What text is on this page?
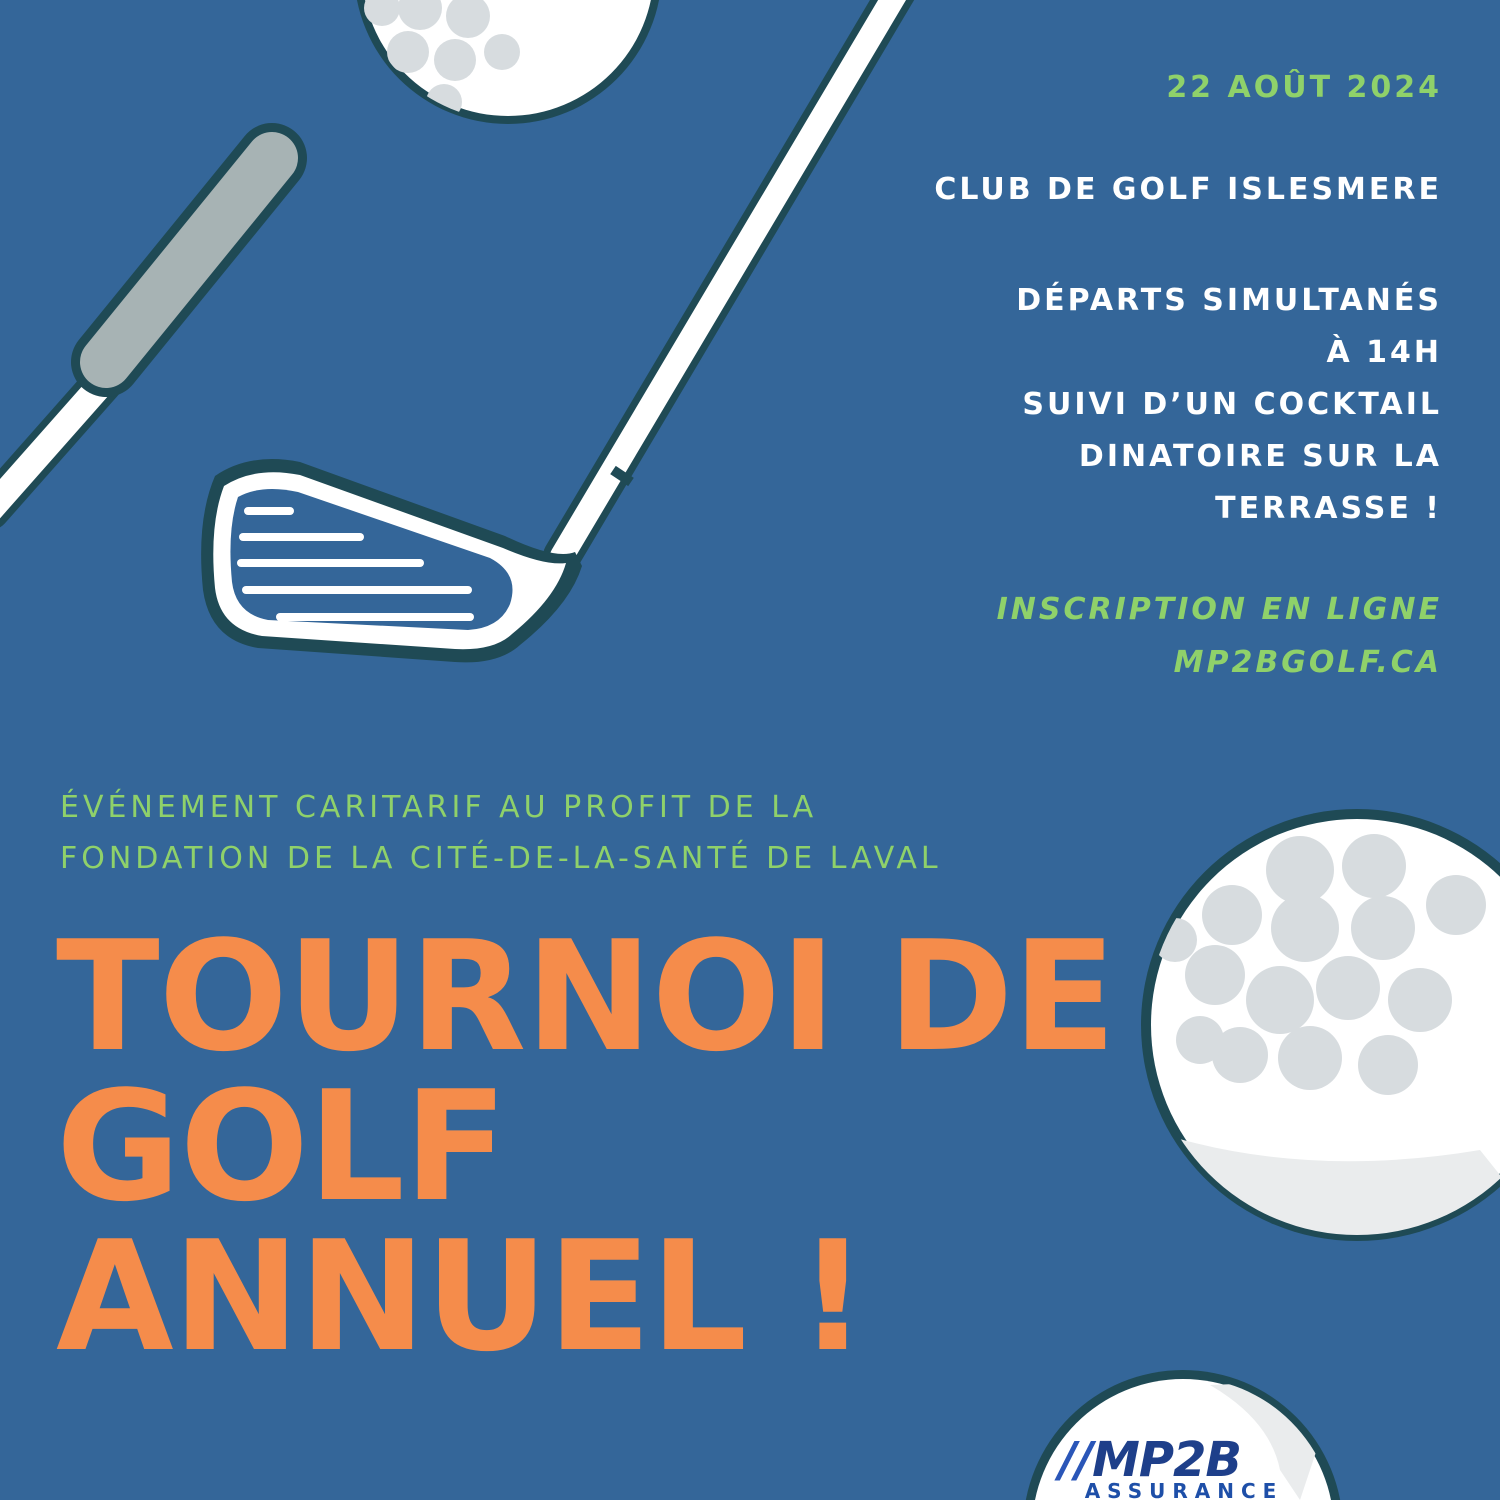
22 AOÛT 2024
CLUB DE GOLF ISLESMERE
DÉPARTS SIMULTANÉS
À 14H
SUIVI D’UN COCKTAIL
DINATOIRE SUR LA
TERRASSE !
INSCRIPTION EN LIGNE
MP2BGOLF.CA
ÉVÉNEMENT CARITARIF AU PROFIT DE LA
FONDATION DE LA CITÉ-DE-LA-SANTÉ DE LAVAL
TOURNOI DE
GOLF
ANNUEL !
//MP2B
ASSURANCE
